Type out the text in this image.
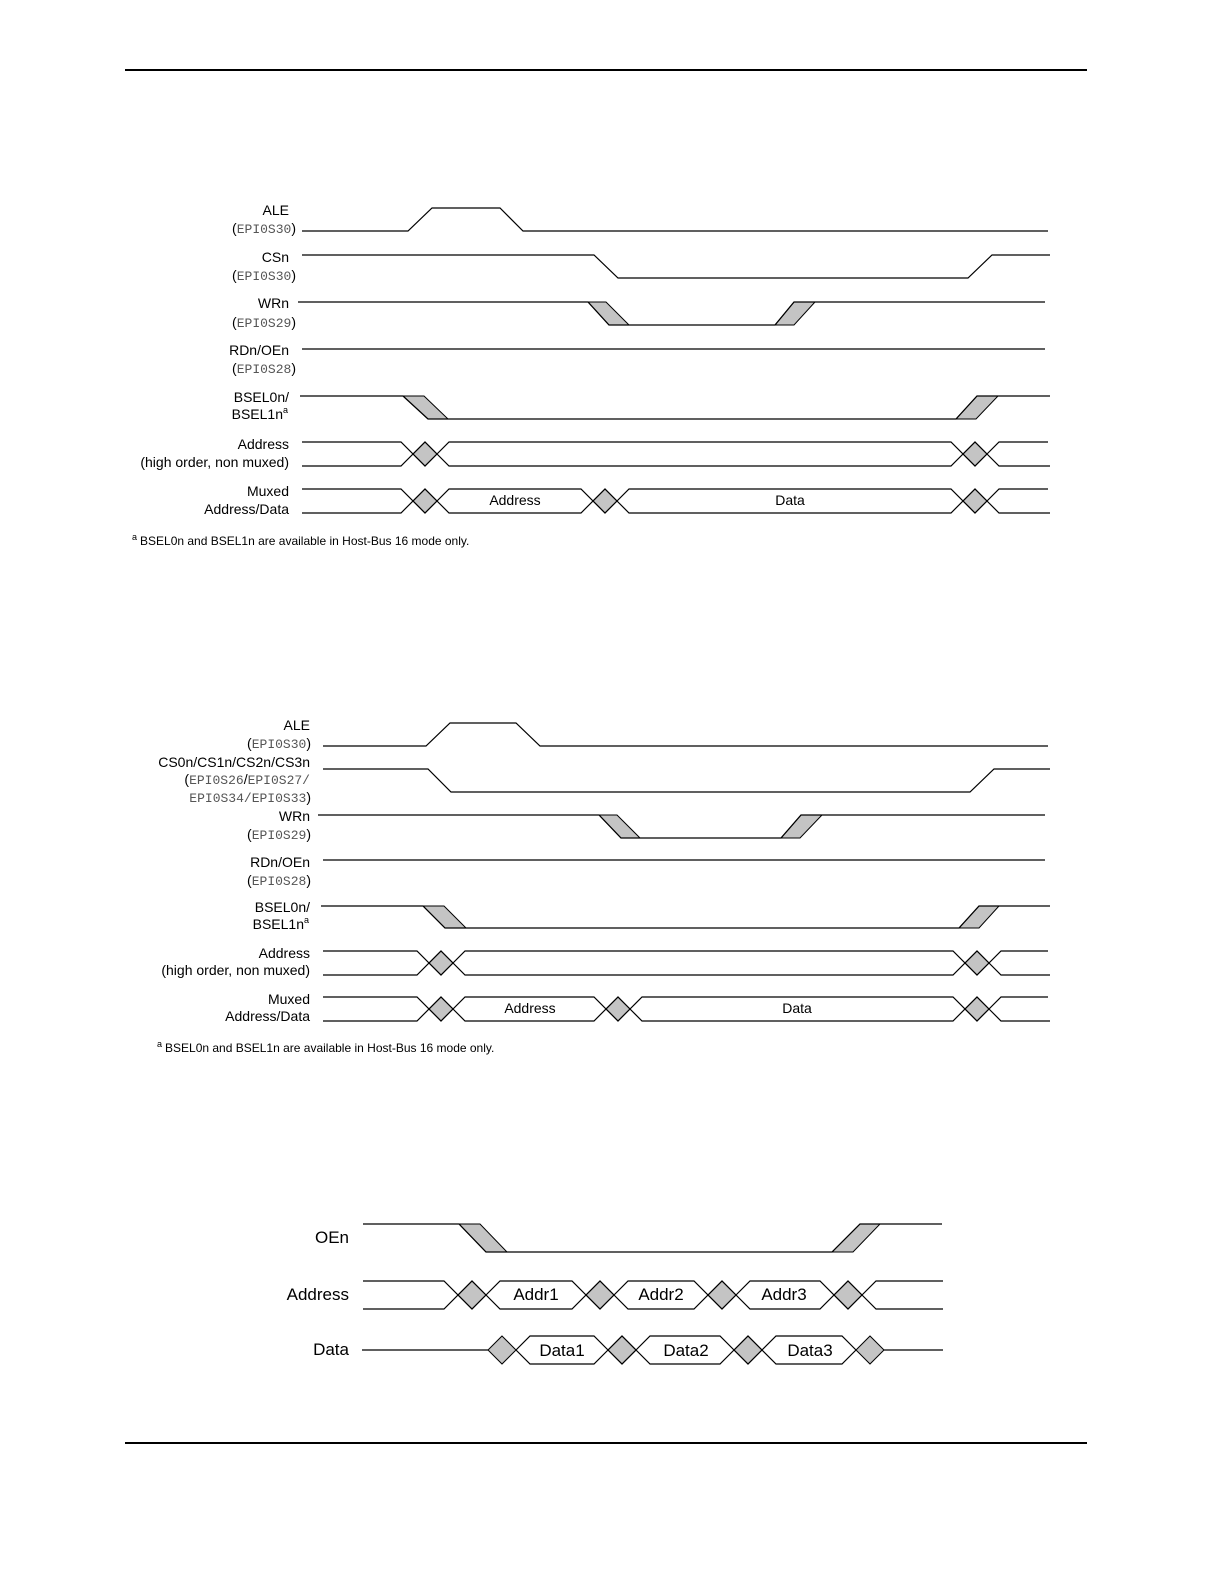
ALE
(EPI0S30)
CSn
(EPI0S30)
WRn
(EPI0S29)
RDn/OEn
(EPI0S28)
BSEL0n/
$BSEL1n^a$
Address
(high order, non muxed)
Muxed
Address/Data
Address	Data
$^a$ $_{BSEL0n and BSEL1n are available in Host-Bus 16 mode only.}$
ALE
(EPI0S30)
CS0n/CS1n/CS2n/CS3n
(EPI0S26/EPI0S27/
EPI0S34/EPI0S33)
WRn
(EPI0S29)
RDn/OEn
(EPI0S28)
BSEL0n/
$BSEL1n^a$
Address
(high order, non muxed)
Muxed
Address/Data	Address	Data
$^a$ $_{BSEL0n and BSEL1n are available in Host-Bus 16 mode only.}$
OEn
Address	Addr1	Addr2	Addr3
Data	Data1	Data2	Data3
